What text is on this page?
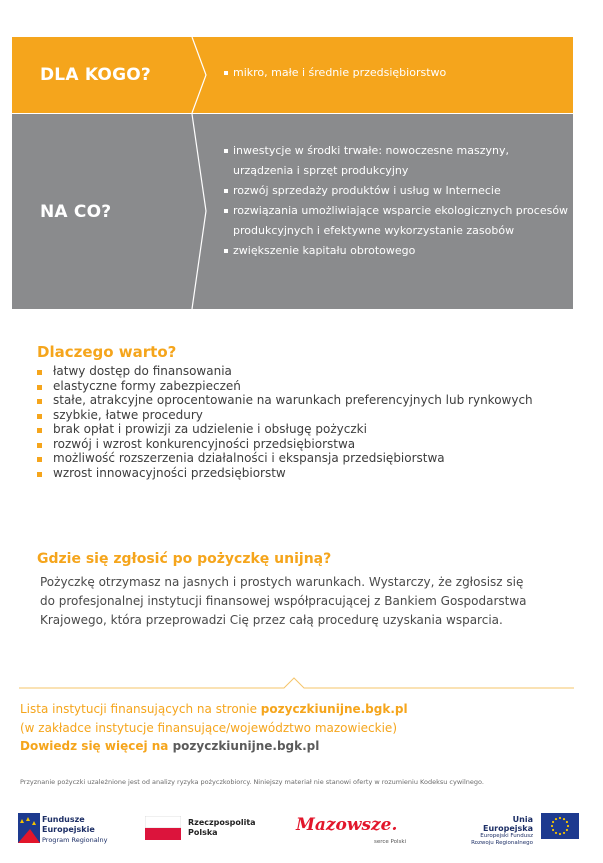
DLA KOGO?	mikro, małe i średnie przedsiębiorstwo
NA CO?
inwestycje w środki trwałe: nowoczesne maszyny, urządzenia i sprzęt produkcyjny
rozwój sprzedaży produktów i usług w Internecie
rozwiązania umożliwiające wsparcie ekologicznych procesów produkcyjnych i efektywne wykorzystanie zasobów
zwiększenie kapitału obrotowego
Dlaczego warto?
łatwy dostęp do finansowania
elastyczne formy zabezpieczeń
stałe, atrakcyjne oprocentowanie na warunkach preferencyjnych lub rynkowych
szybkie, łatwe procedury
brak opłat i prowizji za udzielenie i obsługę pożyczki
rozwój i wzrost konkurencyjności przedsiębiorstwa
możliwość rozszerzenia działalności i ekspansja przedsiębiorstwa
wzrost innowacyjności przedsiębiorstw
Gdzie się zgłosić po pożyczkę unijną?
Pożyczkę otrzymasz na jasnych i prostych warunkach. Wystarczy, że zgłosisz się do profesjonalnej instytucji finansowej współpracującej z Bankiem Gospodarstwa Krajowego, która przeprowadzi Cię przez całą procedurę uzyskania wsparcia.
Lista instytucji finansujących na stronie pozyczkiunijne.bgk.pl
(w zakładce instytucje finansujące/województwo mazowieckie)
Dowiedz się więcej na pozyczkiunijne.bgk.pl
Przyznanie pożyczki uzależnione jest od analizy ryzyka pożyczkobiorcy. Niniejszy materiał nie stanowi oferty w rozumieniu Kodeksu cywilnego.
Fundusze
Europejskie
Program Regionalny
Rzeczpospolita
Polska	Mazowsze.
serce Polski
Unia Europejska
Europejski Fundusz
Rozwoju Regionalnego
